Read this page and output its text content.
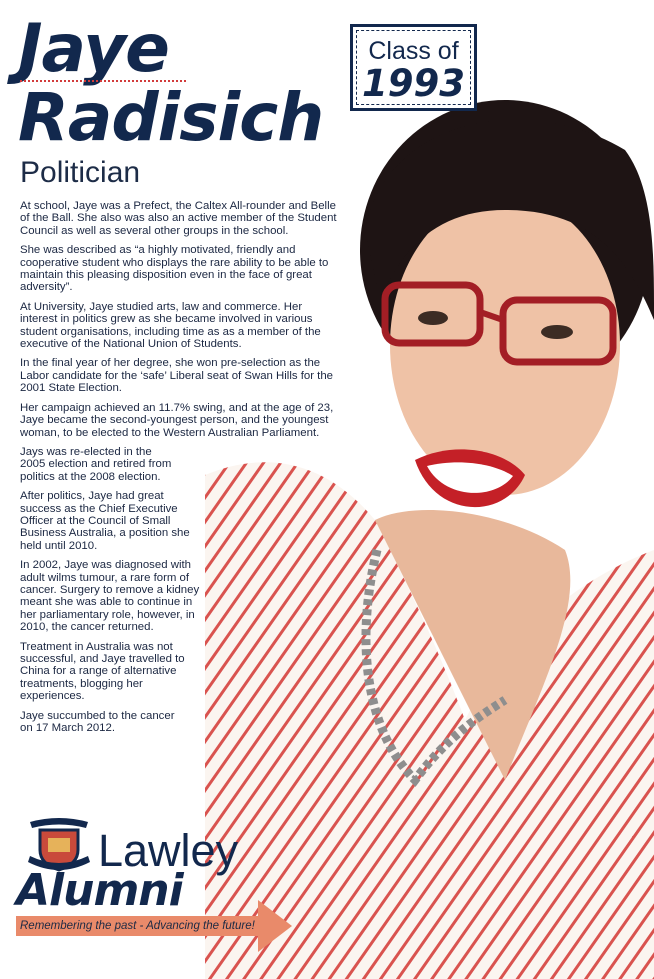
Jaye
Radisich
Politician
Class of
1993

At school, Jaye was a Prefect, the Caltex All-rounder and Belle of the Ball. She also was also an active member of the Student Council as well as several other groups in the school.

She was described as “a highly motivated, friendly and cooperative student who displays the rare ability to be able to maintain this pleasing disposition even in the face of great adversity”.

At University, Jaye studied arts, law and commerce. Her interest in politics grew as she became involved in various student organisations, including time as as a member of the executive of the National Union of Students.

In the final year of her degree, she won pre-selection as the Labor candidate for the ‘safe’ Liberal seat of Swan Hills for the 2001 State Election.

Her campaign achieved an 11.7% swing, and at the age of 23, Jaye became the second-youngest person, and the youngest woman, to be elected to the Western Australian Parliament.

Jays was re-elected in the 2005 election and retired from politics at the 2008 election.

After politics, Jaye had great success as the Chief Executive Officer at the Council of Small Business Australia, a position she held until 2010.

In 2002, Jaye was diagnosed with adult wilms tumour, a rare form of cancer. Surgery to remove a kidney meant she was able to continue in her parliamentary role, however, in 2010, the cancer returned.

Treatment in Australia was not successful, and Jaye travelled to China for a range of alternative treatments, blogging her experiences.

Jaye succumbed to the cancer on 17 March 2012.

Lawley
Alumni
Remembering the past - Advancing the future!
